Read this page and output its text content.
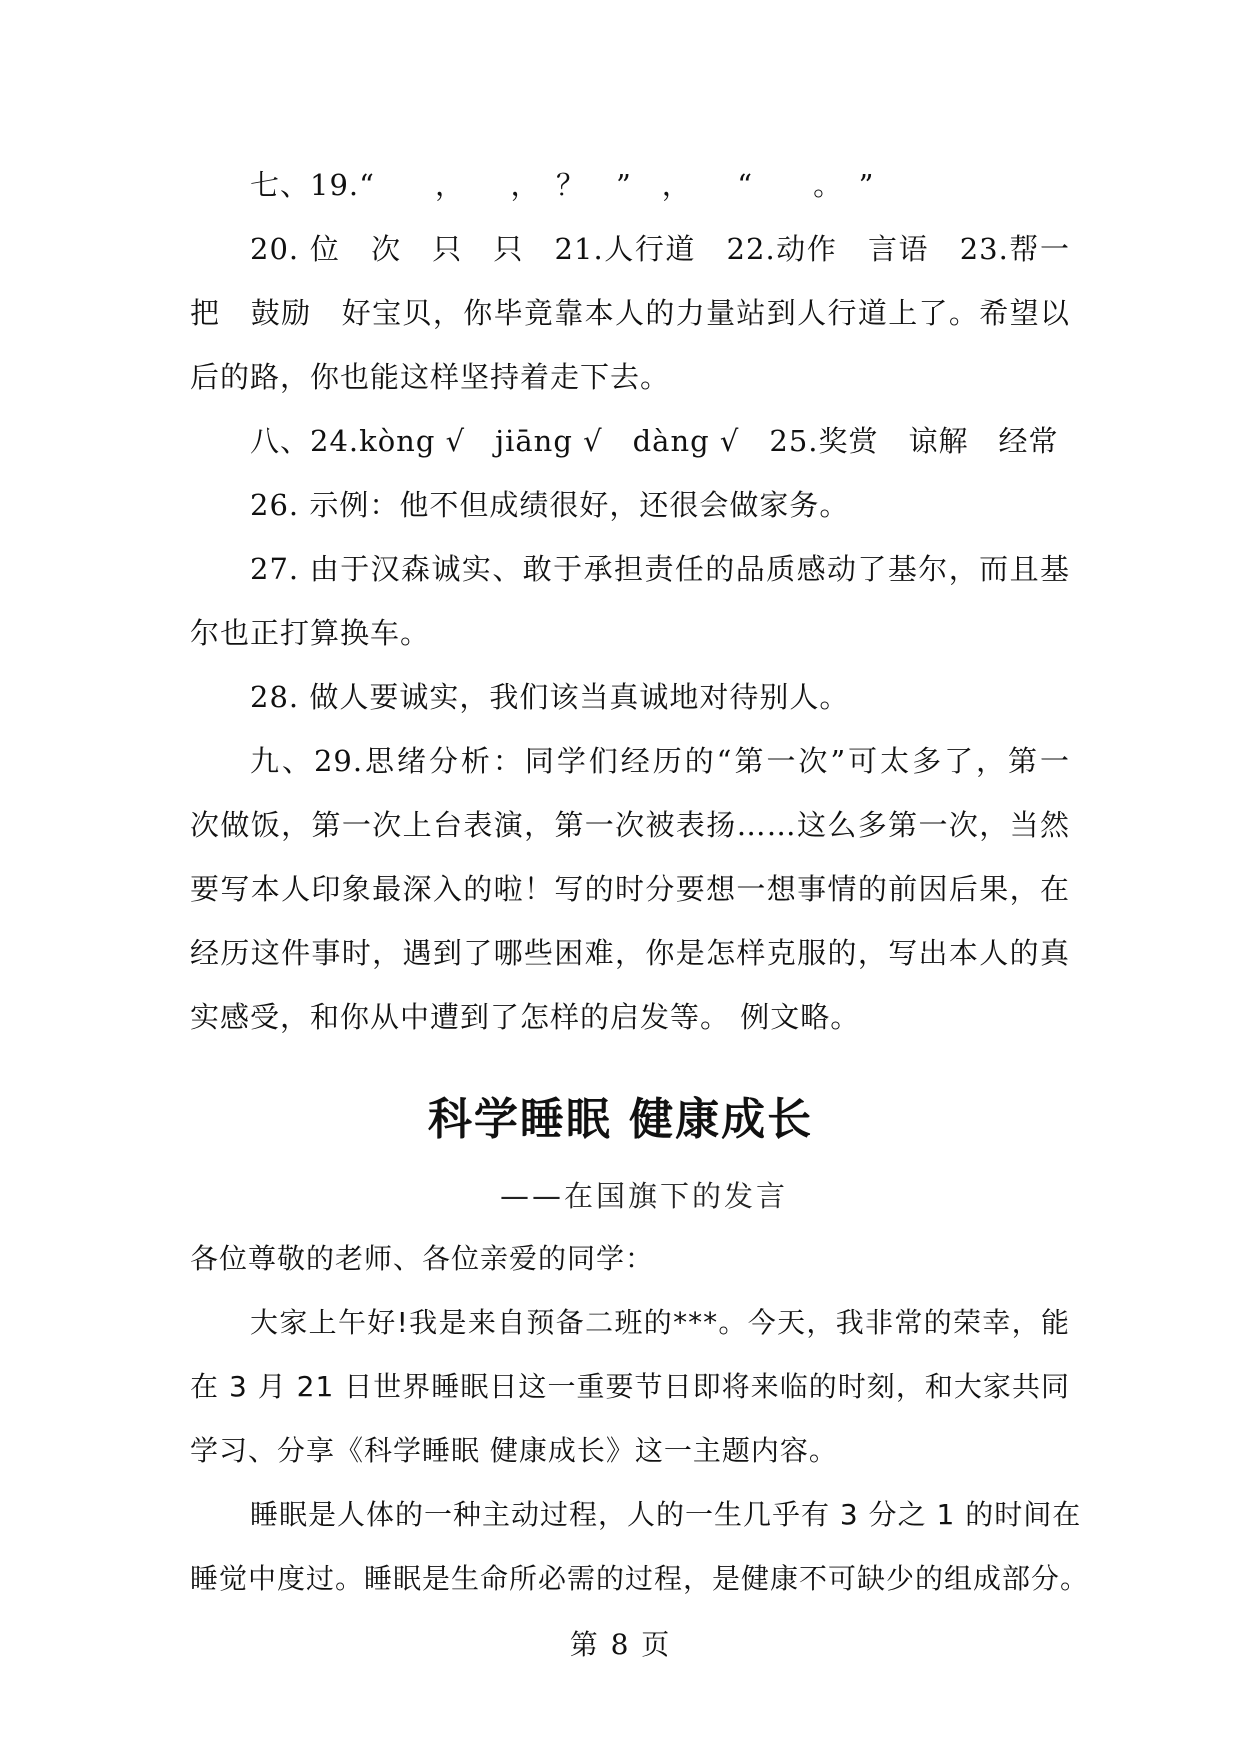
七、19.“　　，　　，　？　”　，　　“　　。　”
20. 位　次　只　只　21.人行道　22.动作　言语　23.帮一
把　鼓励　好宝贝，你毕竟靠本人的力量站到人行道上了。希望以
后的路，你也能这样坚持着走下去。
八、24.kòng √　jiāng √　dàng √　25.奖赏　谅解　经常
26. 示例：他不但成绩很好，还很会做家务。
27. 由于汉森诚实、敢于承担责任的品质感动了基尔，而且基
尔也正打算换车。
28. 做人要诚实，我们该当真诚地对待别人。
九、29.思绪分析：同学们经历的“第一次”可太多了，第一
次做饭，第一次上台表演，第一次被表扬……这么多第一次，当然
要写本人印象最深入的啦！写的时分要想一想事情的前因后果，在
经历这件事时，遇到了哪些困难，你是怎样克服的，写出本人的真
实感受，和你从中遭到了怎样的启发等。 例文略。
科学睡眠 健康成长
——在国旗下的发言
各位尊敬的老师、各位亲爱的同学：
大家上午好!我是来自预备二班的***。今天，我非常的荣幸，能
在 3 月 21 日世界睡眠日这一重要节日即将来临的时刻，和大家共同
学习、分享《科学睡眠 健康成长》这一主题内容。
睡眠是人体的一种主动过程，人的一生几乎有 3 分之 1 的时间在
睡觉中度过。睡眠是生命所必需的过程，是健康不可缺少的组成部分。
第 8 页
